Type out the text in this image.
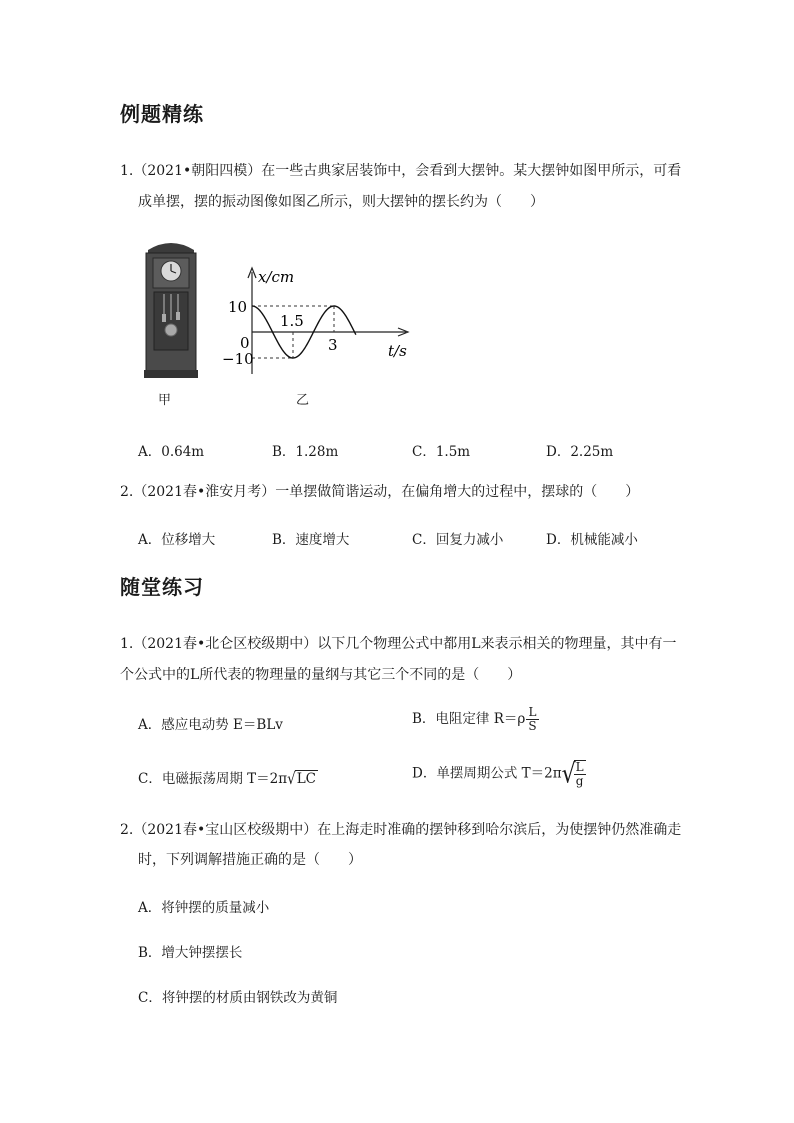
例题精练
1.（2021•朝阳四模）在一些古典家居装饰中，会看到大摆钟。某大摆钟如图甲所示，可看
成单摆，摆的振动图像如图乙所示，则大摆钟的摆长约为（　　）
甲
x/cm
10
1.5
0
−10
3	t/s
乙
A．0.64m	B．1.28m	C．1.5m	D．2.25m
2.（2021春•淮安月考）一单摆做简谐运动，在偏角增大的过程中，摆球的（　　）
A．位移增大	B．速度增大	C．回复力减小	D．机械能减小
随堂练习
1.（2021春•北仑区校级期中）以下几个物理公式中都用L来表示相关的物理量，其中有一
个公式中的L所代表的物理量的量纲与其它三个不同的是（　　）
A．感应电动势 E＝BLv	B．电阻定律 $R=\rho \frac{L}{S}$
C．电磁振荡周期 T＝2π√LC	D．单摆周期公式 T＝2π√
$\frac{L}{g}$
2.（2021春•宝山区校级期中）在上海走时准确的摆钟移到哈尔滨后，为使摆钟仍然准确走
时，下列调解措施正确的是（　　）
A．将钟摆的质量减小
B．增大钟摆摆长
C．将钟摆的材质由钢铁改为黄铜
